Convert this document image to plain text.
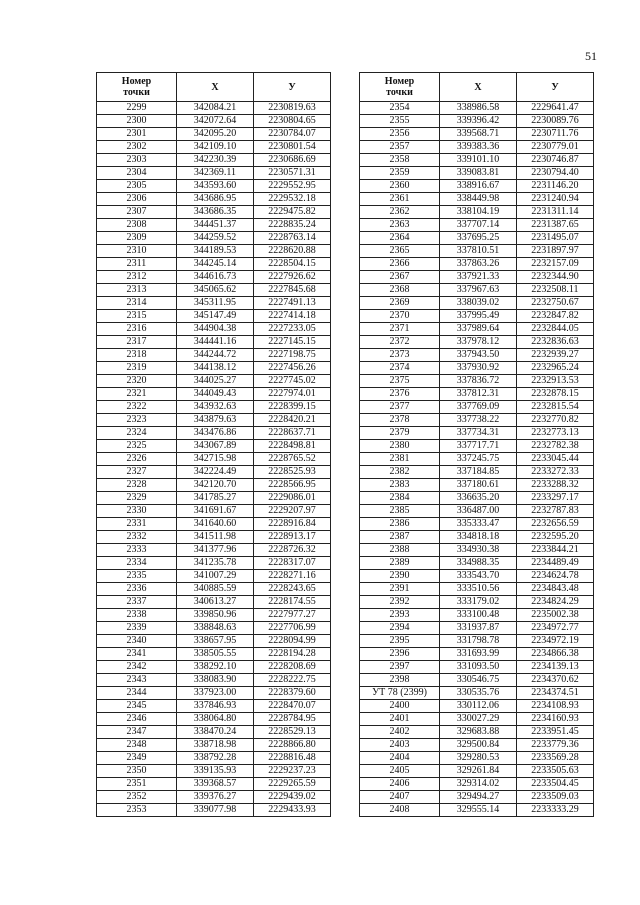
51
Номер
точки	Х	У
2299	342084.21	2230819.63
2300	342072.64	2230804.65
2301	342095.20	2230784.07
2302	342109.10	2230801.54
2303	342230.39	2230686.69
2304	342369.11	2230571.31
2305	343593.60	2229552.95
2306	343686.95	2229532.18
2307	343686.35	2229475.82
2308	344451.37	2228835.24
2309	344259.52	2228763.14
2310	344189.53	2228620.88
2311	344245.14	2228504.15
2312	344616.73	2227926.62
2313	345065.62	2227845.68
2314	345311.95	2227491.13
2315	345147.49	2227414.18
2316	344904.38	2227233.05
2317	344441.16	2227145.15
2318	344244.72	2227198.75
2319	344138.12	2227456.26
2320	344025.27	2227745.02
2321	344049.43	2227974.01
2322	343932.63	2228399.15
2323	343879.63	2228420.21
2324	343476.86	2228637.71
2325	343067.89	2228498.81
2326	342715.98	2228765.52
2327	342224.49	2228525.93
2328	342120.70	2228566.95
2329	341785.27	2229086.01
2330	341691.67	2229207.97
2331	341640.60	2228916.84
2332	341511.98	2228913.17
2333	341377.96	2228726.32
2334	341235.78	2228317.07
2335	341007.29	2228271.16
2336	340885.59	2228243.65
2337	340613.27	2228174.55
2338	339850.96	2227977.27
2339	338848.63	2227706.99
2340	338657.95	2228094.99
2341	338505.55	2228194.28
2342	338292.10	2228208.69
2343	338083.90	2228222.75
2344	337923.00	2228379.60
2345	337846.93	2228470.07
2346	338064.80	2228784.95
2347	338470.24	2228529.13
2348	338718.98	2228866.80
2349	338792.28	2228816.48
2350	339135.93	2229237.23
2351	339368.57	2229265.59
2352	339376.27	2229439.02
2353	339077.98	2229433.93
Номер
точки	Х	У
2354	338986.58	2229641.47
2355	339396.42	2230089.76
2356	339568.71	2230711.76
2357	339383.36	2230779.01
2358	339101.10	2230746.87
2359	339083.81	2230794.40
2360	338916.67	2231146.20
2361	338449.98	2231240.94
2362	338104.19	2231311.14
2363	337707.14	2231387.65
2364	337695.25	2231495.07
2365	337810.51	2231897.97
2366	337863.26	2232157.09
2367	337921.33	2232344.90
2368	337967.63	2232508.11
2369	338039.02	2232750.67
2370	337995.49	2232847.82
2371	337989.64	2232844.05
2372	337978.12	2232836.63
2373	337943.50	2232939.27
2374	337930.92	2232965.24
2375	337836.72	2232913.53
2376	337812.31	2232878.15
2377	337769.09	2232815.54
2378	337738.22	2232770.82
2379	337734.31	2232773.13
2380	337717.71	2232782.38
2381	337245.75	2233045.44
2382	337184.85	2233272.33
2383	337180.61	2233288.32
2384	336635.20	2233297.17
2385	336487.00	2232787.83
2386	335333.47	2232656.59
2387	334818.18	2232595.20
2388	334930.38	2233844.21
2389	334988.35	2234489.49
2390	333543.70	2234624.78
2391	333510.56	2234843.48
2392	333179.02	2234824.29
2393	333100.48	2235002.38
2394	331937.87	2234972.77
2395	331798.78	2234972.19
2396	331693.99	2234866.38
2397	331093.50	2234139.13
2398	330546.75	2234370.62
УТ 78 (2399)	330535.76	2234374.51
2400	330112.06	2234108.93
2401	330027.29	2234160.93
2402	329683.88	2233951.45
2403	329500.84	2233779.36
2404	329280.53	2233569.28
2405	329261.84	2233505.63
2406	329314.02	2233504.45
2407	329494.27	2233509.03
2408	329555.14	2233333.29
